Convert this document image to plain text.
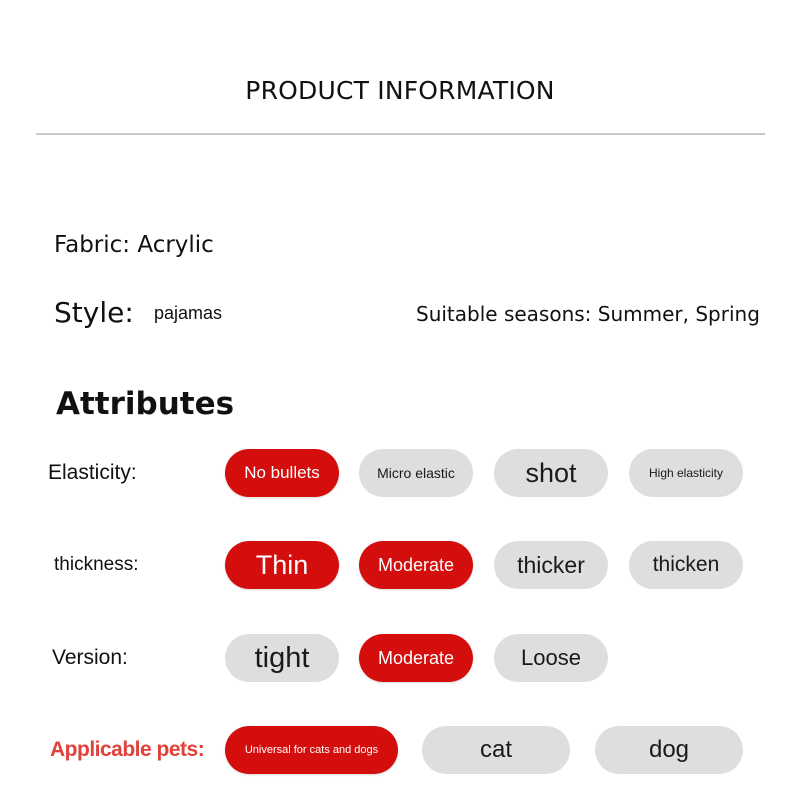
PRODUCT INFORMATION
Fabric: Acrylic
Style: pajamas	Suitable seasons: Summer, Spring
Attributes
Elasticity:	No bullets	Micro elastic	shot	High elasticity
thickness:	Thin	Moderate	thicker	thicken
Version:	tight	Moderate	Loose
Applicable pets:	Universal for cats and dogs	cat	dog
